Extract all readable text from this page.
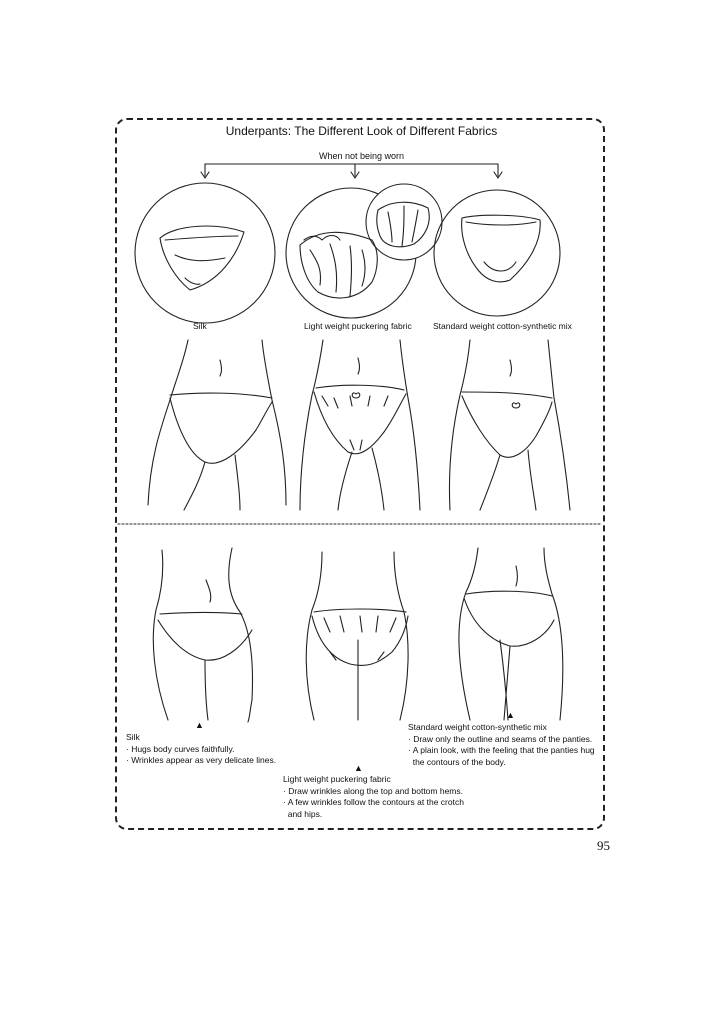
Underpants: The Different Look of Different Fabrics
When not being worn
Silk	Light weight puckering fabric	Standard weight cotton-synthetic mix
▲
▲
▲
Silk
· Hugs body curves faithfully.
· Wrinkles appear as very delicate lines.
Standard weight cotton-synthetic mix
· Draw only the outline and seams of the panties.
· A plain look, with the feeling that the panties hug
the contours of the body.
Light weight puckering fabric
· Draw wrinkles along the top and bottom hems.
· A few wrinkles follow the contours at the crotch
and hips.
95
